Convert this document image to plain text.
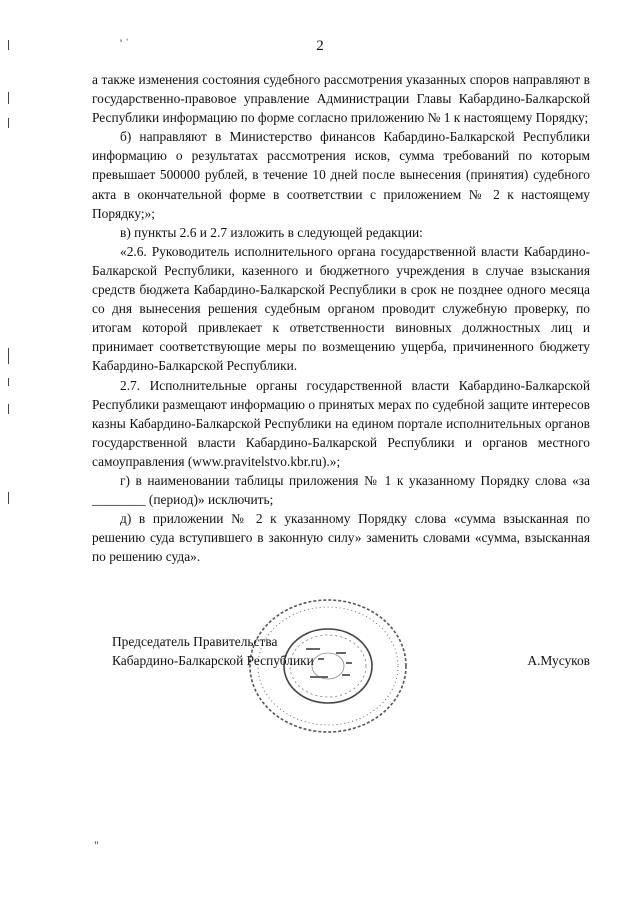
' ˈ
"
2

а также изменения состояния судебного рассмотрения указанных споров направляют в государственно-правовое управление Администрации Главы Кабардино-Балкарской Республики информацию по форме согласно приложению № 1 к настоящему Порядку;

б) направляют в Министерство финансов Кабардино-Балкарской Республики информацию о результатах рассмотрения исков, сумма требований по которым превышает 500000 рублей, в течение 10 дней после вынесения (принятия) судебного акта в окончательной форме в соответствии с приложением № 2 к настоящему Порядку;»;

в) пункты 2.6 и 2.7 изложить в следующей редакции:

«2.6. Руководитель исполнительного органа государственной власти Кабардино-Балкарской Республики, казенного и бюджетного учреждения в случае взыскания средств бюджета Кабардино-Балкарской Республики в срок не позднее одного месяца со дня вынесения решения судебным органом проводит служебную проверку, по итогам которой привлекает к ответственности виновных должностных лиц и принимает соответствующие меры по возмещению ущерба, причиненного бюджету Кабардино-Балкарской Республики.

2.7. Исполнительные органы государственной власти Кабардино-Балкарской Республики размещают информацию о принятых мерах по судебной защите интересов казны Кабардино-Балкарской Республики на едином портале исполнительных органов государственной власти Кабардино-Балкарской Республики и органов местного самоуправления (www.pravitelstvo.kbr.ru).»;

г) в наименовании таблицы приложения № 1 к указанному Порядку слова «за ________ (период)» исключить;

д) в приложении № 2 к указанному Порядку слова «сумма взысканная по решению суда вступившего в законную силу» заменить словами «сумма, взысканная по решению суда».

Председатель Правительства
Кабардино-Балкарской Республики	А.Мусуков
